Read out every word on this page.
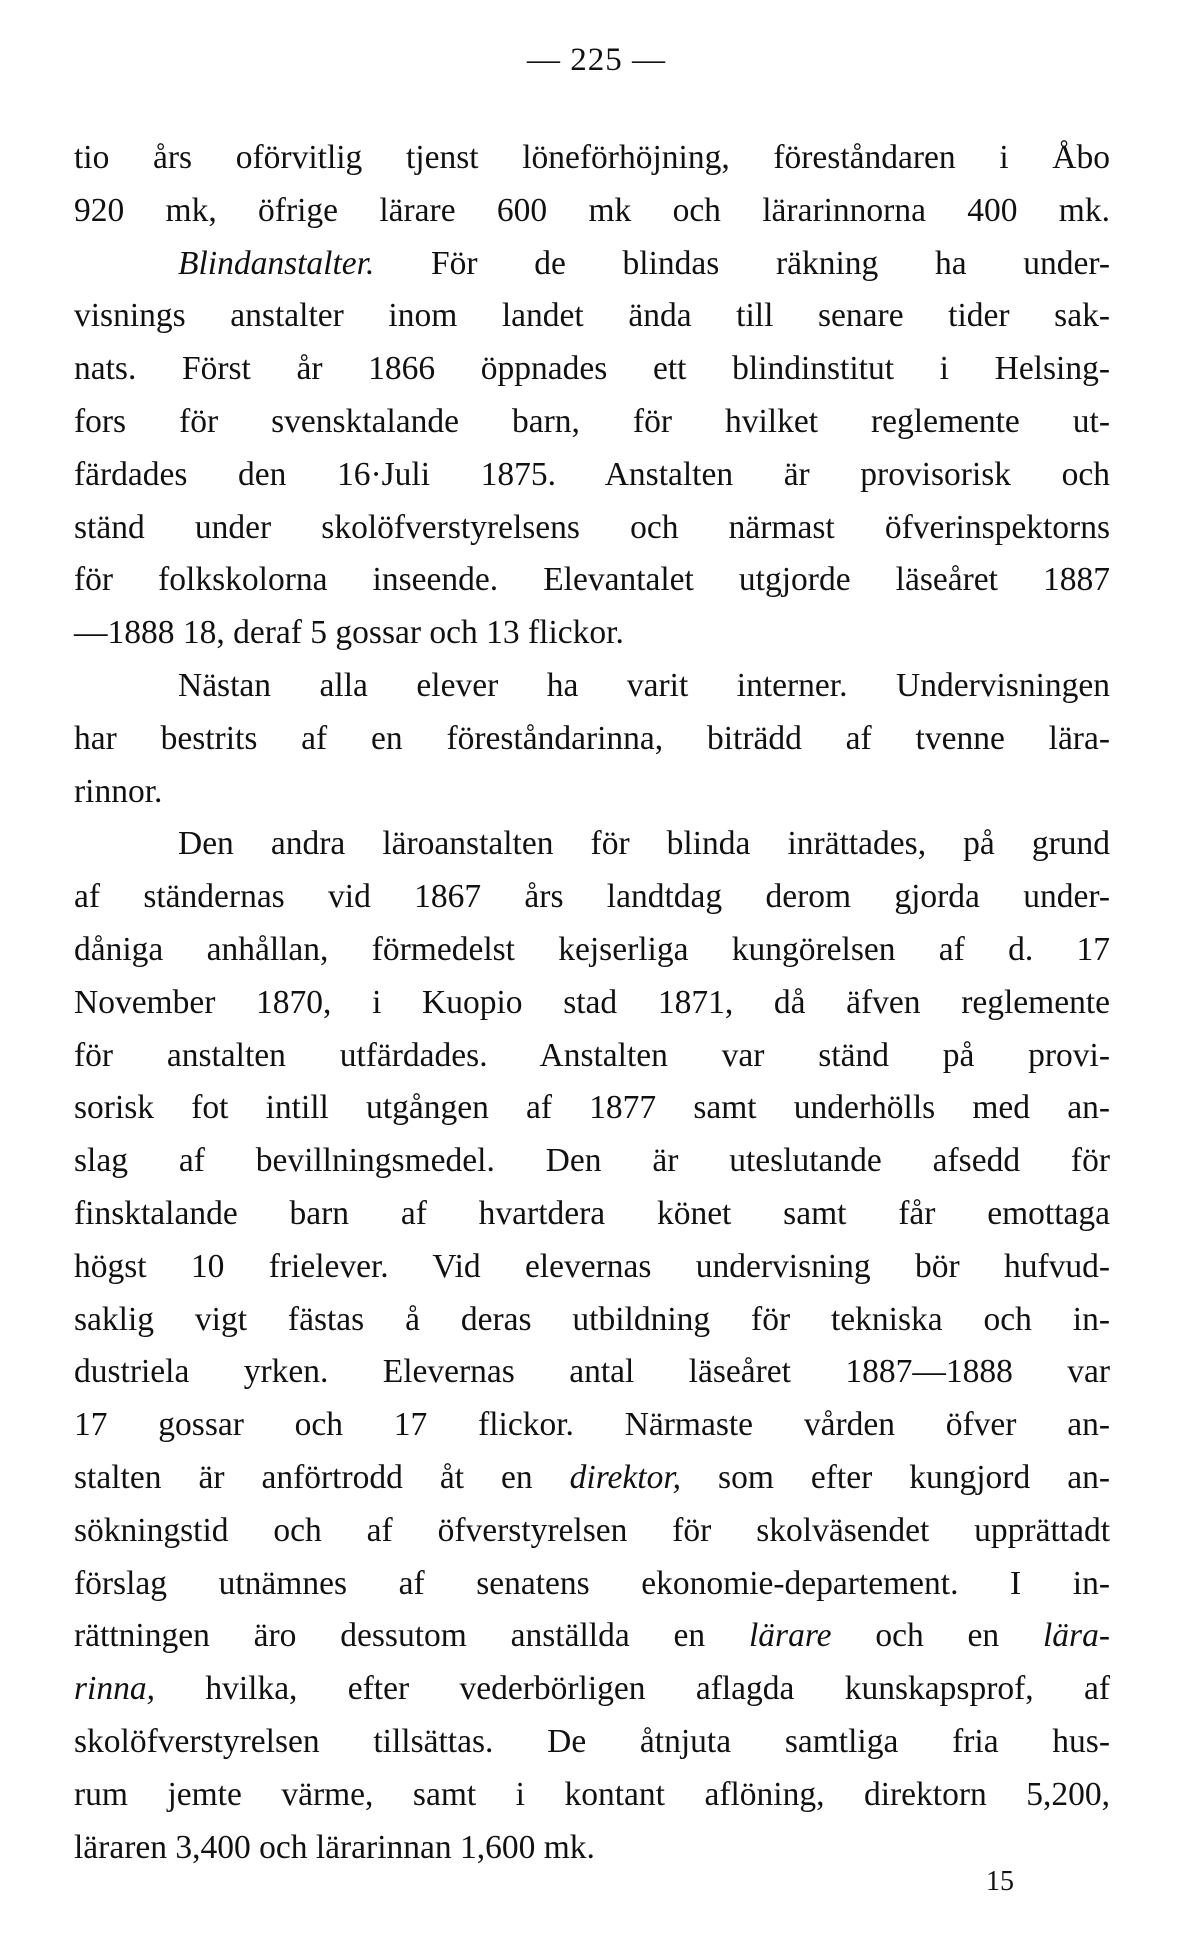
— 225 —
tio års oförvitlig tjenst löneförhöjning, föreståndaren i Åbo
920 mk, öfrige lärare 600 mk och lärarinnorna 400 mk.
Blindanstalter. För de blindas räkning ha under-
visnings anstalter inom landet ända till senare tider sak-
nats. Först år 1866 öppnades ett blindinstitut i Helsing-
fors för svensktalande barn, för hvilket reglemente ut-
färdades den 16·Juli 1875. Anstalten är provisorisk och
ständ under skolöfverstyrelsens och närmast öfverinspektorns
för folkskolorna inseende. Elevantalet utgjorde läseåret 1887
—1888 18, deraf 5 gossar och 13 flickor.
Nästan alla elever ha varit interner. Undervisningen
har bestrits af en föreståndarinna, biträdd af tvenne lära-
rinnor.
Den andra läroanstalten för blinda inrättades, på grund
af ständernas vid 1867 års landtdag derom gjorda under-
dåniga anhållan, förmedelst kejserliga kungörelsen af d. 17
November 1870, i Kuopio stad 1871, då äfven reglemente
för anstalten utfärdades. Anstalten var ständ på provi-
sorisk fot intill utgången af 1877 samt underhölls med an-
slag af bevillningsmedel. Den är uteslutande afsedd för
finsktalande barn af hvartdera könet samt får emottaga
högst 10 frielever. Vid elevernas undervisning bör hufvud-
saklig vigt fästas å deras utbildning för tekniska och in-
dustriela yrken. Elevernas antal läseåret 1887—1888 var
17 gossar och 17 flickor. Närmaste vården öfver an-
stalten är anförtrodd åt en direktor, som efter kungjord an-
sökningstid och af öfverstyrelsen för skolväsendet upprättadt
förslag utnämnes af senatens ekonomie-departement. I in-
rättningen äro dessutom anställda en lärare och en lära-
rinna, hvilka, efter vederbörligen aflagda kunskapsprof, af
skolöfverstyrelsen tillsättas. De åtnjuta samtliga fria hus-
rum jemte värme, samt i kontant aflöning, direktorn 5,200,
läraren 3,400 och lärarinnan 1,600 mk.
15
